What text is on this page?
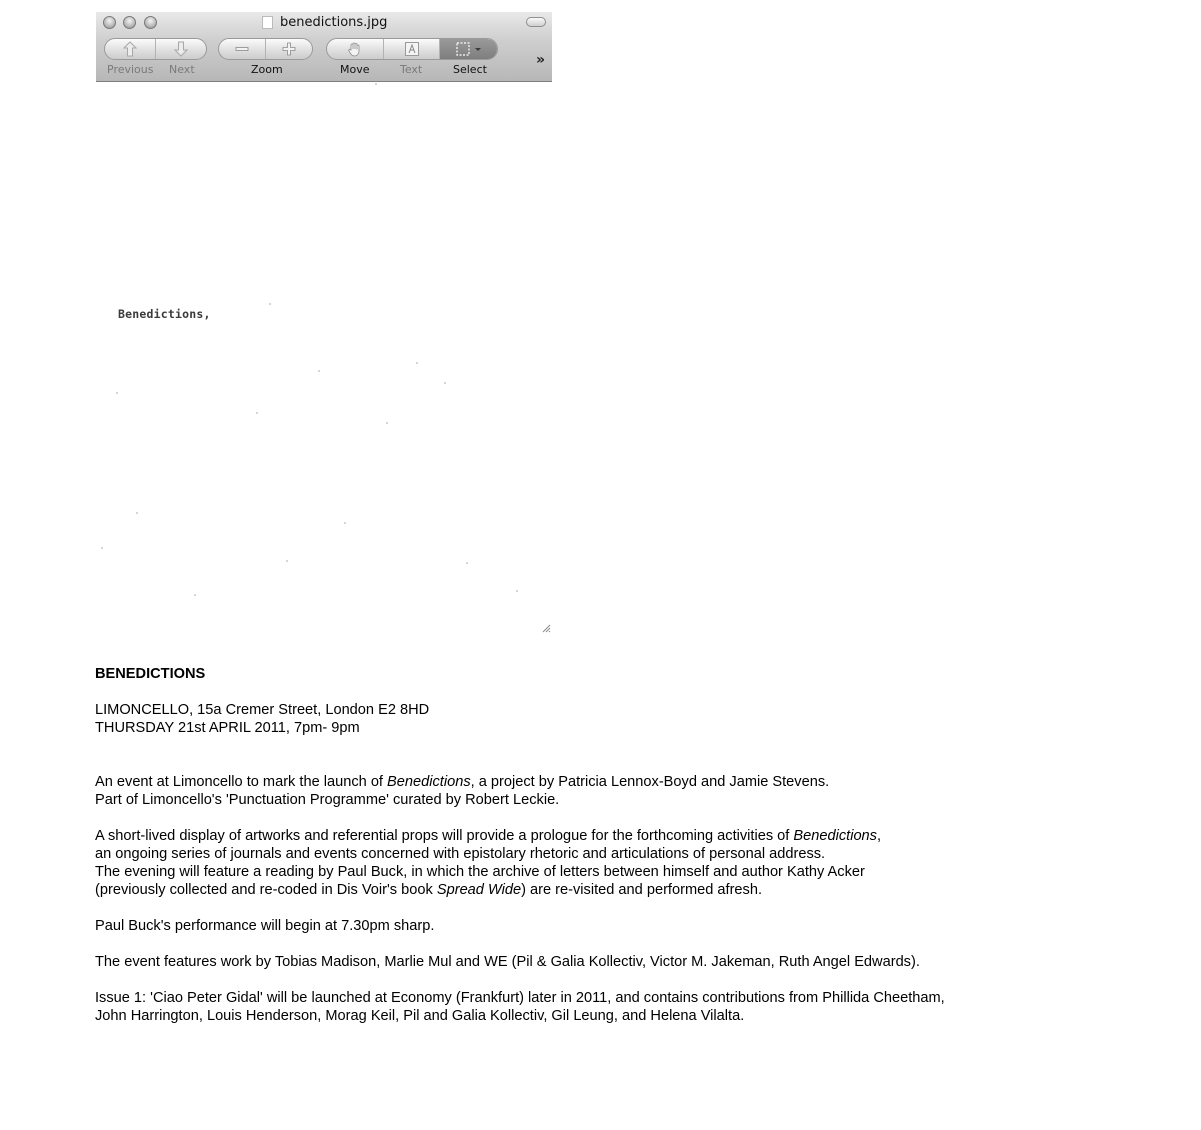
benedictions.jpg
Previous Next	Zoom	Move	Text	Select
»
Benedictions,
BENEDICTIONS
LIMONCELLO, 15a Cremer Street, London E2 8HD
THURSDAY 21st APRIL 2011, 7pm- 9pm
An event at Limoncello to mark the launch of Benedictions, a project by Patricia Lennox-Boyd and Jamie Stevens.
Part of Limoncello's 'Punctuation Programme' curated by Robert Leckie.
A short-lived display of artworks and referential props will provide a prologue for the forthcoming activities of Benedictions,
an ongoing series of journals and events concerned with epistolary rhetoric and articulations of personal address.
The evening will feature a reading by Paul Buck, in which the archive of letters between himself and author Kathy Acker
(previously collected and re-coded in Dis Voir's book Spread Wide) are re-visited and performed afresh.
Paul Buck's performance will begin at 7.30pm sharp.
The event features work by Tobias Madison, Marlie Mul and WE (Pil & Galia Kollectiv, Victor M. Jakeman, Ruth Angel Edwards).
Issue 1: 'Ciao Peter Gidal' will be launched at Economy (Frankfurt) later in 2011, and contains contributions from Phillida Cheetham,
John Harrington, Louis Henderson, Morag Keil, Pil and Galia Kollectiv, Gil Leung, and Helena Vilalta.
